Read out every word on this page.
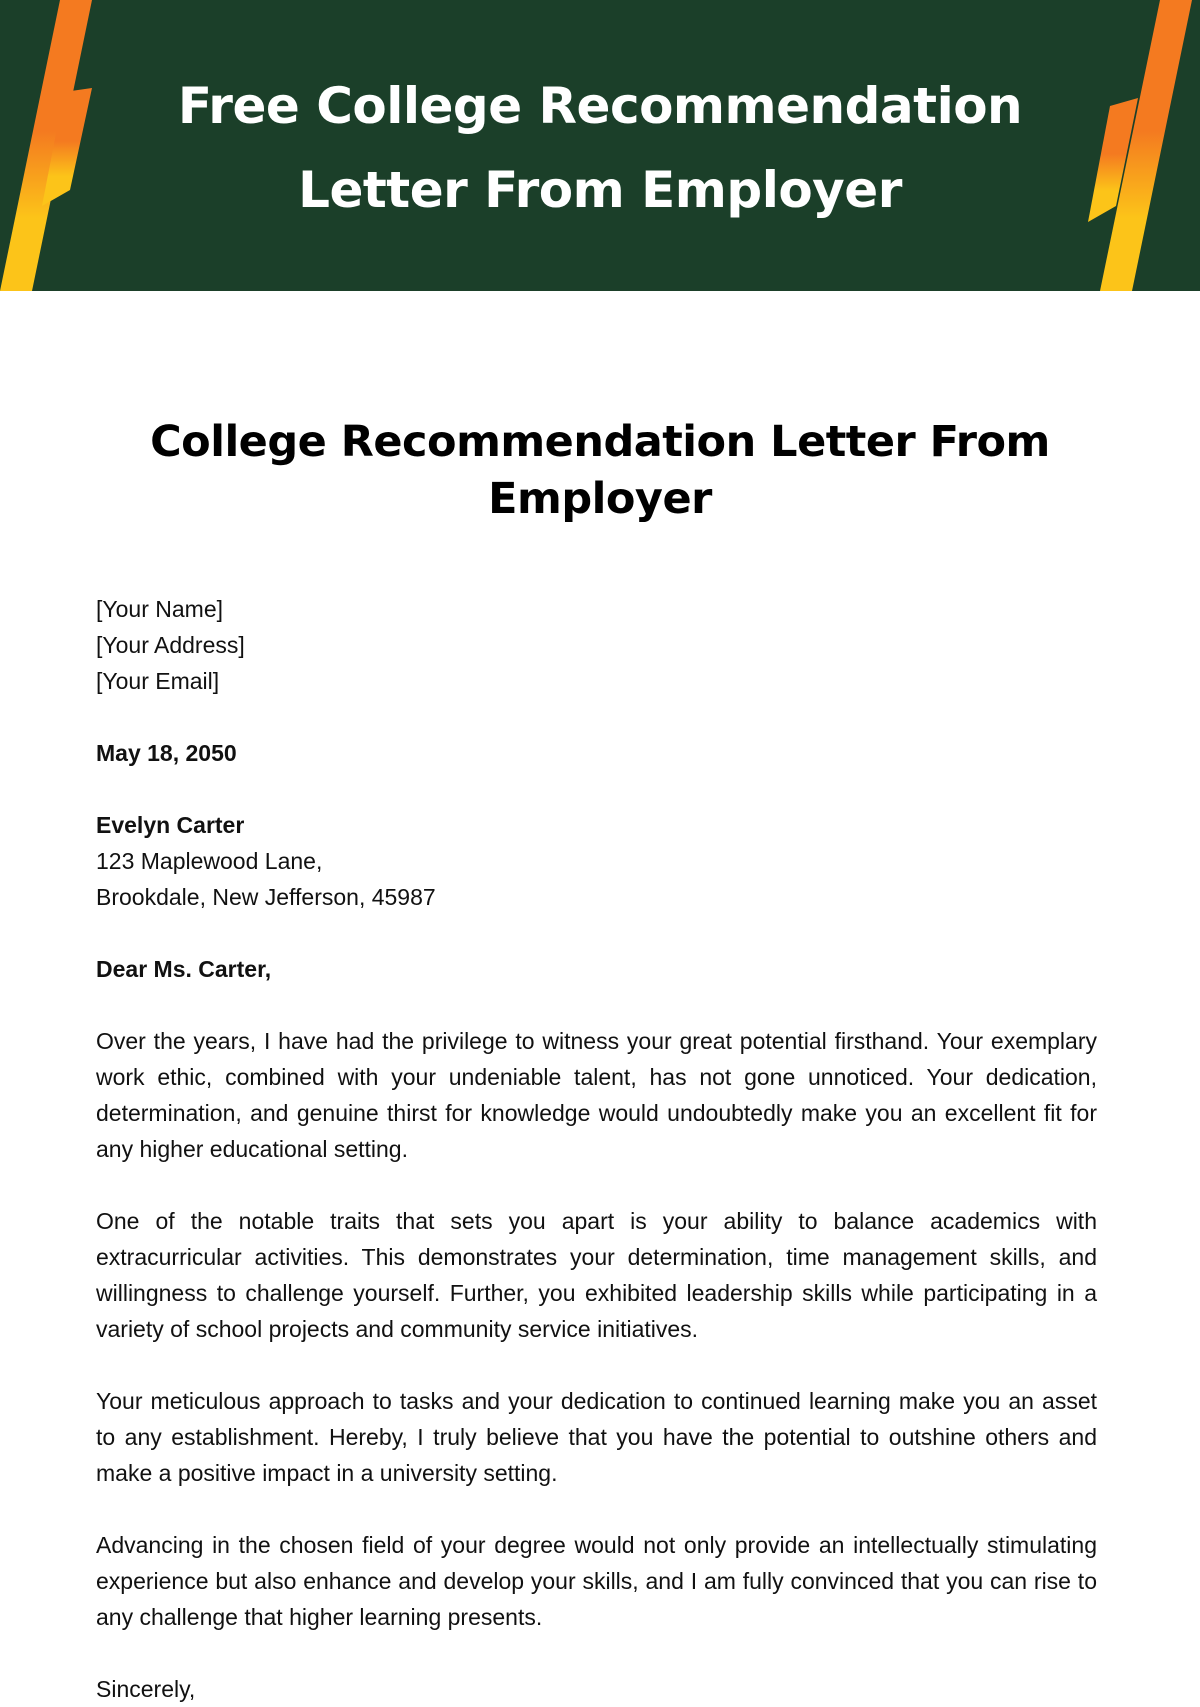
Free College Recommendation
Letter From Employer
College Recommendation Letter From
Employer
[Your Name]
[Your Address]
[Your Email]
May 18, 2050
Evelyn Carter
123 Maplewood Lane,
Brookdale, New Jefferson, 45987
Dear Ms. Carter,

Over the years, I have had the privilege to witness your great potential firsthand. Your exemplary work ethic, combined with your undeniable talent, has not gone unnoticed. Your dedication, determination, and genuine thirst for knowledge would undoubtedly make you an excellent fit for any higher educational setting.

One of the notable traits that sets you apart is your ability to balance academics with extracurricular activities. This demonstrates your determination, time management skills, and willingness to challenge yourself. Further, you exhibited leadership skills while participating in a variety of school projects and community service initiatives.

Your meticulous approach to tasks and your dedication to continued learning make you an asset to any establishment. Hereby, I truly believe that you have the potential to outshine others and make a positive impact in a university setting.

Advancing in the chosen field of your degree would not only provide an intellectually stimulating experience but also enhance and develop your skills, and I am fully convinced that you can rise to any challenge that higher learning presents.

Sincerely,
